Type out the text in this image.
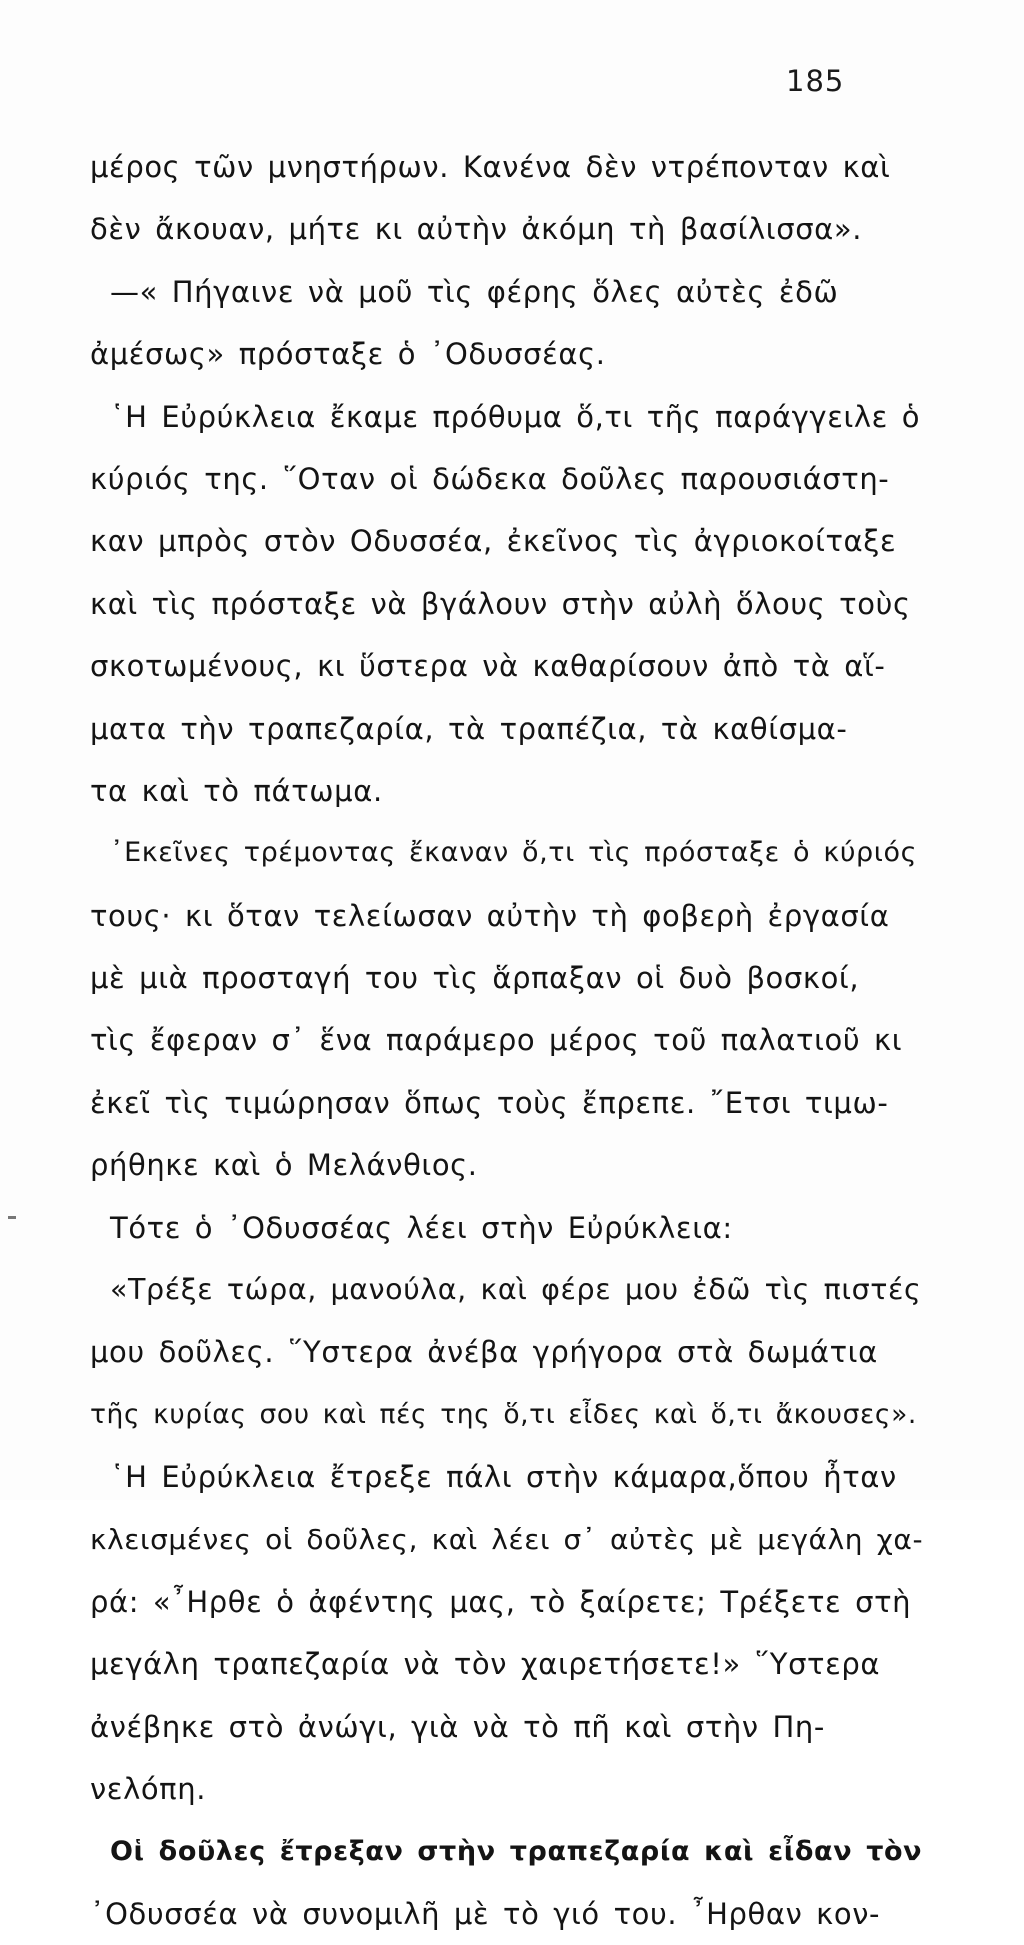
185
μέρος τῶν μνηστήρων. Κανένα δὲν ντρέπονταν καὶ
δὲν ἄκουαν, μήτε κι αὐτὴν ἀκόμη τὴ βασίλισσα».
—« Πήγαινε νὰ μοῦ τὶς φέρης ὅλες αὐτὲς ἐδῶ
ἀμέσως» πρόσταξε ὁ ᾿Οδυσσέας.
῾Η Εὐρύκλεια ἔκαμε πρόθυμα ὅ,τι τῆς παράγγειλε ὁ
κύριός της. ῞Οταν οἱ δώδεκα δοῦλες παρουσιάστη-
καν μπρὸς στὸν Οδυσσέα, ἐκεῖνος τὶς ἀγριοκοίταξε
καὶ τὶς πρόσταξε νὰ βγάλουν στὴν αὐλὴ ὅλους τοὺς
σκοτωμένους, κι ὕστερα νὰ καθαρίσουν ἀπὸ τὰ αἵ-
ματα τὴν τραπεζαρία, τὰ τραπέζια, τὰ καθίσμα-
τα καὶ τὸ πάτωμα.
᾿Εκεῖνες τρέμοντας ἔκαναν ὅ,τι τὶς πρόσταξε ὁ κύριός
τους· κι ὅταν τελείωσαν αὐτὴν τὴ φοβερὴ ἐργασία
μὲ μιὰ προσταγή του τὶς ἅρπαξαν οἱ δυὸ βοσκοί,
τὶς ἔφεραν σ᾿ ἕνα παράμερο μέρος τοῦ παλατιοῦ κι
ἐκεῖ τὶς τιμώρησαν ὅπως τοὺς ἔπρεπε. ῎Ετσι τιμω-
ρήθηκε καὶ ὁ Μελάνθιος.
Τότε ὁ ᾿Οδυσσέας λέει στὴν Εὐρύκλεια:
«Τρέξε τώρα, μανούλα, καὶ φέρε μου ἐδῶ τὶς πιστές
μου δοῦλες. ῞Υστερα ἀνέβα γρήγορα στὰ δωμάτια
τῆς κυρίας σου καὶ πές της ὅ,τι εἶδες καὶ ὅ,τι ἄκουσες».
῾Η Εὐρύκλεια ἔτρεξε πάλι στὴν κάμαρα,ὅπου ἦταν
κλεισμένες οἱ δοῦλες, καὶ λέει σ᾿ αὐτὲς μὲ μεγάλη χα-
ρά: «῏Ηρθε ὁ ἀφέντης μας, τὸ ξαίρετε; Τρέξετε στὴ
μεγάλη τραπεζαρία νὰ τὸν χαιρετήσετε!» ῞Υστερα
ἀνέβηκε στὸ ἀνώγι, γιὰ νὰ τὸ πῆ καὶ στὴν Πη-
νελόπη.
Οἱ δοῦλες ἔτρεξαν στὴν τραπεζαρία καὶ εἶδαν τὸν
᾿Οδυσσέα νὰ συνομιλῆ μὲ τὸ γιό του. ῏Ηρθαν κον-
